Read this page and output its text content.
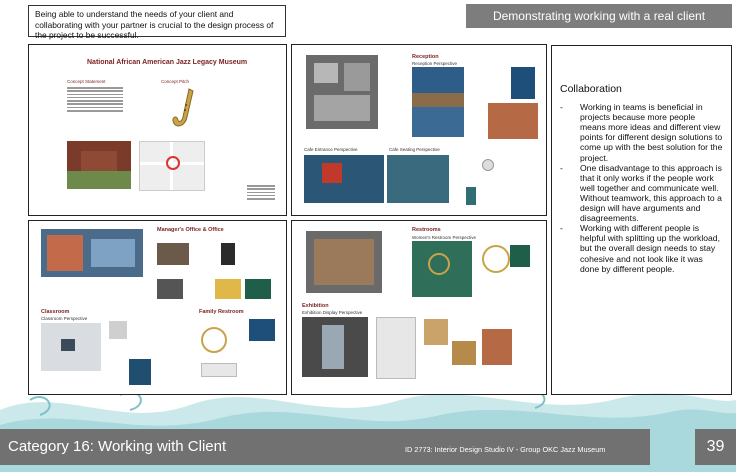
Being able to understand the needs of your client and collaborating with your partner is crucial to the design process of the project to be successful.
Demonstrating working with a real client
National African American Jazz Legacy Museum
Concept Statement	Concept Pitch
Reception
Reception Perspective
Cafe Entrance Perspective	Cafe Seating Perspective
Manager's Office & Office
Classroom
Classroom Perspective
Family Restroom
Restrooms
Women's Restroom Perspective
Exhibition
Exhibition Display Perspective
Collaboration
-	Working in teams is beneficial in projects because more people means more ideas and different view points for different design solutions to come up with the best solution for the project.
-	One disadvantage to this approach is that it only works if the people work well together and communicate well. Without teamwork, this approach to a design will have arguments and disagreements.
-	Working with different people is helpful with splitting up the workload, but the overall design needs to stay cohesive and not look like it was done by different people.
Category 16: Working with Client	ID 2773: Interior Design Studio IV - Group OKC Jazz Museum	39
